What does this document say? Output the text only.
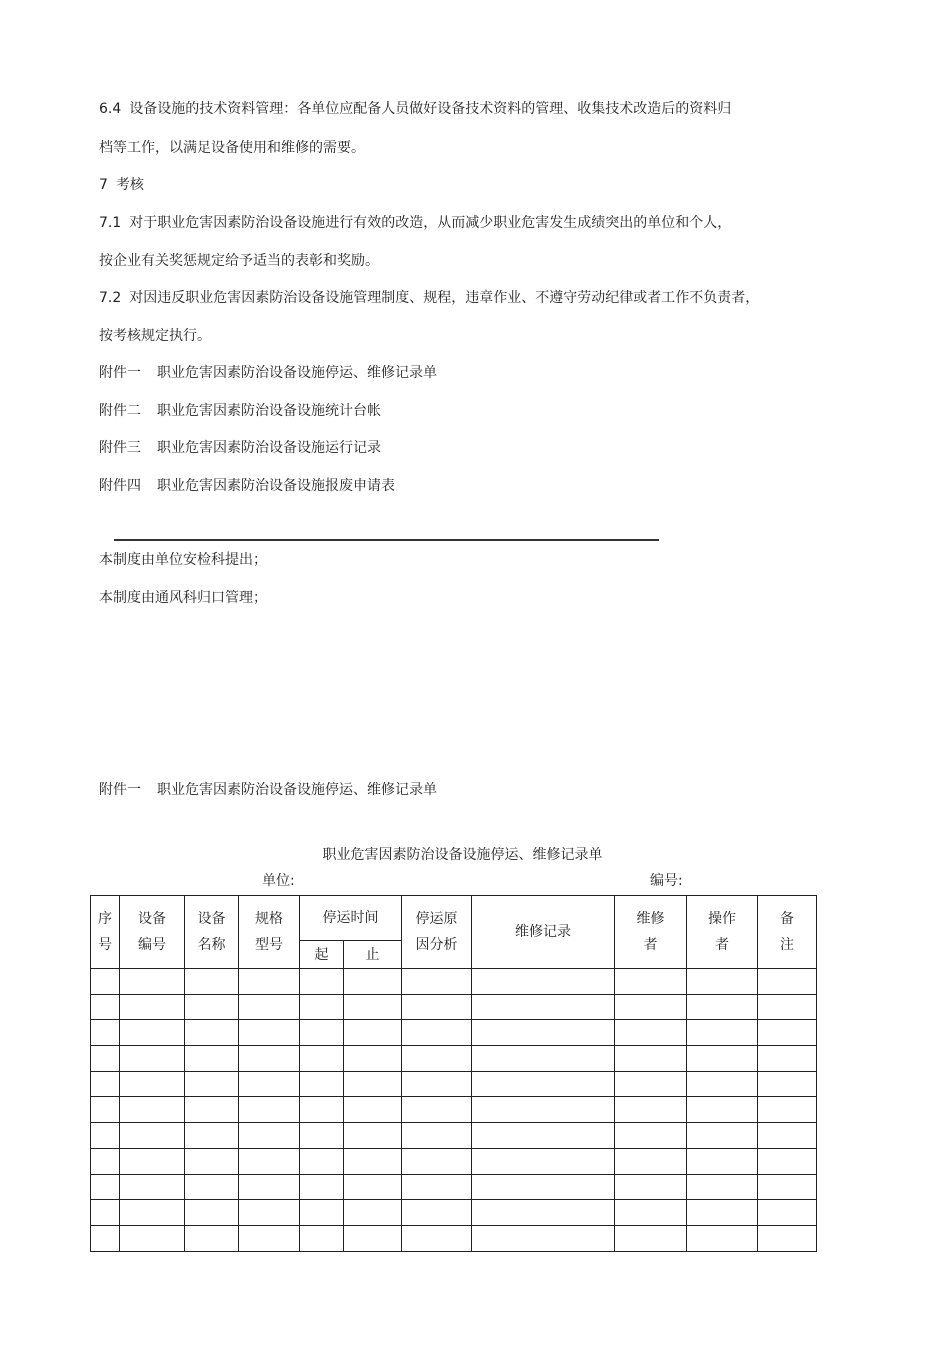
6.4 设备设施的技术资料管理：各单位应配备人员做好设备技术资料的管理、收集技术改造后的资料归
档等工作，以满足设备使用和维修的需要。
7 考核
7.1 对于职业危害因素防治设备设施进行有效的改造，从而减少职业危害发生成绩突出的单位和个人，
按企业有关奖惩规定给予适当的表彰和奖励。
7.2 对因违反职业危害因素防治设备设施管理制度、规程，违章作业、不遵守劳动纪律或者工作不负责者，
按考核规定执行。
附件一 职业危害因素防治设备设施停运、维修记录单
附件二 职业危害因素防治设备设施统计台帐
附件三 职业危害因素防治设备设施运行记录
附件四 职业危害因素防治设备设施报废申请表
本制度由单位安检科提出；
本制度由通风科归口管理；
附件一 职业危害因素防治设备设施停运、维修记录单
职业危害因素防治设备设施停运、维修记录单
单位:	编号:
序号	设备编号	设备名称	规格型号	停运时间		停运原因分析	维修记录	维修者	操作者	备注
				起	止					
